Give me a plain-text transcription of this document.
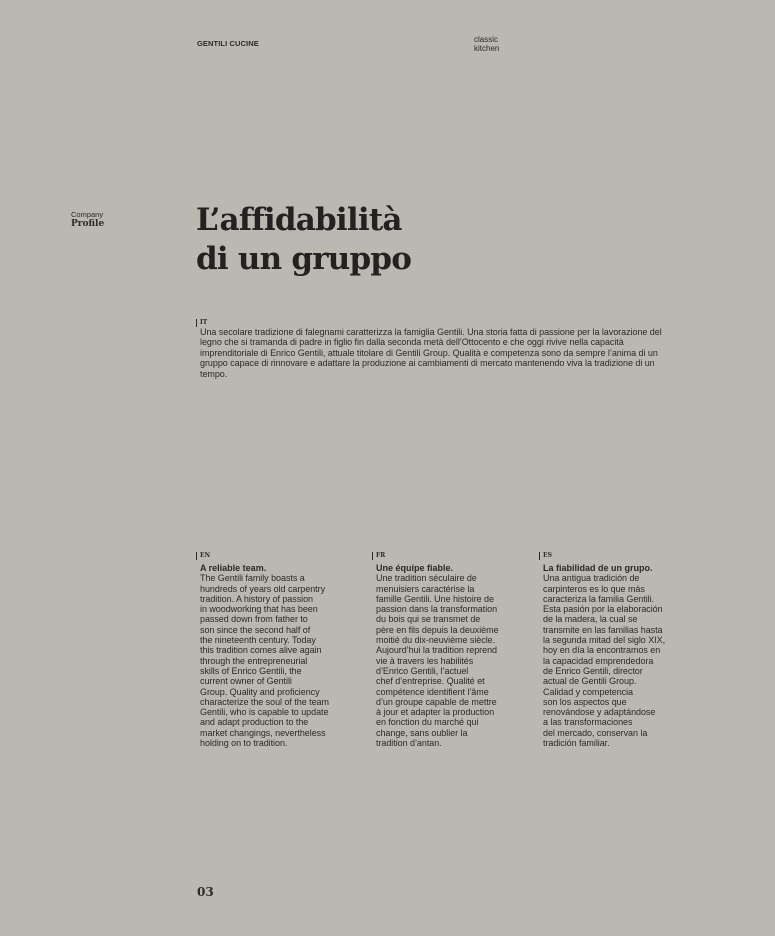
GENTILI CUCINE	classic
kitchen
Company
Profile	L’affidabilità
di un gruppo
IT
Una secolare tradizione di falegnami caratterizza la famiglia Gentili. Una storia fatta di passione per la lavorazione del legno che si tramanda di padre in figlio fin dalla seconda metà dell’Ottocento e che oggi rivive nella capacità imprenditoriale di Enrico Gentili, attuale titolare di Gentili Group. Qualità e competenza sono da sempre l’anima di un gruppo capace di rinnovare e adattare la produzione ai cambiamenti di mercato mantenendo viva la tradizione di un tempo.
EN
A reliable team.
The Gentili family boasts a
hundreds of years old carpentry
tradition. A history of passion
in woodworking that has been
passed down from father to
son since the second half of
the nineteenth century. Today
this tradition comes alive again
through the entrepreneurial
skills of Enrico Gentili, the
current owner of Gentili
Group. Quality and proficiency
characterize the soul of the team
Gentili, who is capable to update
and adapt production to the
market changings, nevertheless
holding on to tradition.
FR
Une équipe fiable.
Une tradition séculaire de
menuisiers caractérise la
famille Gentili. Une histoire de
passion dans la transformation
du bois qui se transmet de
père en fils depuis la deuxième
moitié du dix-neuvième siècle.
Aujourd’hui la tradition reprend
vie à travers les habilités
d’Enrico Gentili, l’actuel
chef d’entreprise. Qualité et
compétence identifient l’âme
d’un groupe capable de mettre
à jour et adapter la production
en fonction du marché qui
change, sans oublier la
tradition d’antan.
ES
La fiabilidad de un grupo.
Una antigua tradición de
carpinteros es lo que más
caracteriza la familia Gentili.
Esta pasión por la elaboración
de la madera, la cual se
transmite en las familias hasta
la segunda mitad del siglo XIX,
hoy en día la encontramos en
la capacidad emprendedora
de Enrico Gentili, director
actual de Gentili Group.
Calidad y competencia
son los aspectos que
renovándose y adaptándose
a las transformaciones
del mercado, conservan la
tradición familiar.
03
